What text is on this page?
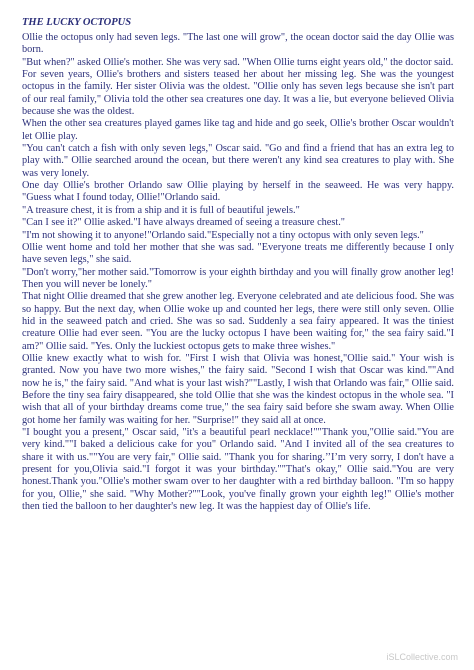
THE LUCKY OCTOPUS

Ollie the octopus only had seven legs. "The last one will grow", the ocean doctor said the day Ollie was born.

"But when?" asked Ollie's mother. She was very sad. "When Ollie turns eight years old," the doctor said.

For seven years, Ollie's brothers and sisters teased her about her missing leg. She was the youngest octopus in the family. Her sister Olivia was the oldest. "Ollie only has seven legs because she isn't part of our real family," Olivia told the other sea creatures one day. It was a lie, but everyone believed Olivia because she was the oldest.

When the other sea creatures played games like tag and hide and go seek, Ollie's brother Oscar wouldn't let Ollie play.

"You can't catch a fish with only seven legs," Oscar said. "Go and find a friend that has an extra leg to play with." Ollie searched around the ocean, but there weren't any kind sea creatures to play with. She was very lonely.

One day Ollie's brother Orlando saw Ollie playing by herself in the seaweed. He was very happy. "Guess what I found today, Ollie!"Orlando said.

"A treasure chest, it is from a ship and it is full of beautiful jewels."

"Can I see it?" Ollie asked."I have always dreamed of seeing a treasure chest."

"I'm not showing it to anyone!"Orlando said."Especially not a tiny octopus with only seven legs."

Ollie went home and told her mother that she was sad. "Everyone treats me differently because I only have seven legs," she said.

"Don't worry,"her mother said."Tomorrow is your eighth birthday and you will finally grow another leg! Then you will never be lonely."

That night Ollie dreamed that she grew another leg. Everyone celebrated and ate delicious food. She was so happy. But the next day, when Ollie woke up and counted her legs, there were still only seven. Ollie hid in the seaweed patch and cried. She was so sad. Suddenly a sea fairy appeared. It was the tiniest creature Ollie had ever seen. "You are the lucky octopus I have been waiting for," the sea fairy said."I am?" Ollie said. "Yes. Only the luckiest octopus gets to make three wishes."

Ollie knew exactly what to wish for. "First I wish that Olivia was honest,"Ollie said." Your wish is granted. Now you have two more wishes," the fairy said. "Second I wish that Oscar was kind.""And now he is," the fairy said. "And what is your last wish?""Lastly, I wish that Orlando was fair," Ollie said. Before the tiny sea fairy disappeared, she told Ollie that she was the kindest octopus in the whole sea. "I wish that all of your birthday dreams come true," the sea fairy said before she swam away. When Ollie got home her family was waiting for her. "Surprise!" they said all at once.

"I bought you a present," Oscar said, "it's a beautiful pearl necklace!""Thank you,"Ollie said."You are very kind.""I baked a delicious cake for you" Orlando said. "And I invited all of the sea creatures to share it with us.""You are very fair," Ollie said. "Thank you for sharing.’’I’m very sorry, I don't have a present for you,Olivia said."I forgot it was your birthday.""That's okay," Ollie said."You are very honest.Thank you."Ollie's mother swam over to her daughter with a red birthday balloon. "I'm so happy for you, Ollie," she said. "Why Mother?""Look, you've finally grown your eighth leg!" Ollie's mother then tied the balloon to her daughter's new leg. It was the happiest day of Ollie's life.

iSLCollective.com
